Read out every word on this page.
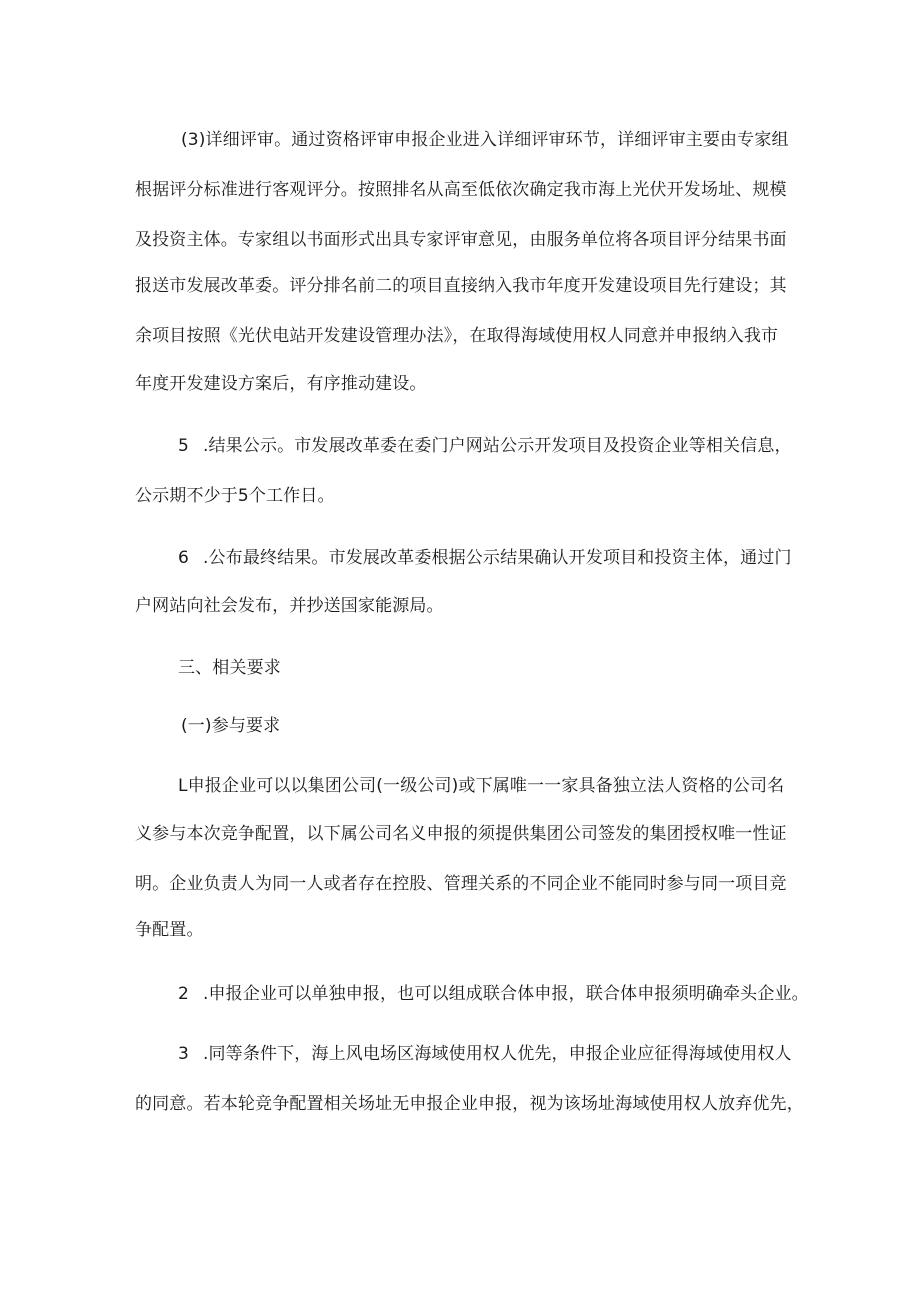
(3)详细评审。通过资格评审申报企业进入详细评审环节，详细评审主要由专家组
根据评分标准进行客观评分。按照排名从高至低依次确定我市海上光伏开发场址、规模
及投资主体。专家组以书面形式出具专家评审意见，由服务单位将各项目评分结果书面
报送市发展改革委。评分排名前二的项目直接纳入我市年度开发建设项目先行建设；其
余项目按照《光伏电站开发建设管理办法》，在取得海域使用权人同意并申报纳入我市
年度开发建设方案后，有序推动建设。
5 .结果公示。市发展改革委在委门户网站公示开发项目及投资企业等相关信息，
公示期不少于5个工作日。
6 .公布最终结果。市发展改革委根据公示结果确认开发项目和投资主体，通过门
户网站向社会发布，并抄送国家能源局。
三、相关要求
(一)参与要求
L申报企业可以以集团公司(一级公司)或下属唯一一家具备独立法人资格的公司名
义参与本次竞争配置，以下属公司名义申报的须提供集团公司签发的集团授权唯一性证
明。企业负责人为同一人或者存在控股、管理关系的不同企业不能同时参与同一项目竞
争配置。
2 .申报企业可以单独申报，也可以组成联合体申报，联合体申报须明确牵头企业。
3 .同等条件下，海上风电场区海域使用权人优先，申报企业应征得海域使用权人
的同意。若本轮竞争配置相关场址无申报企业申报，视为该场址海域使用权人放弃优先，
